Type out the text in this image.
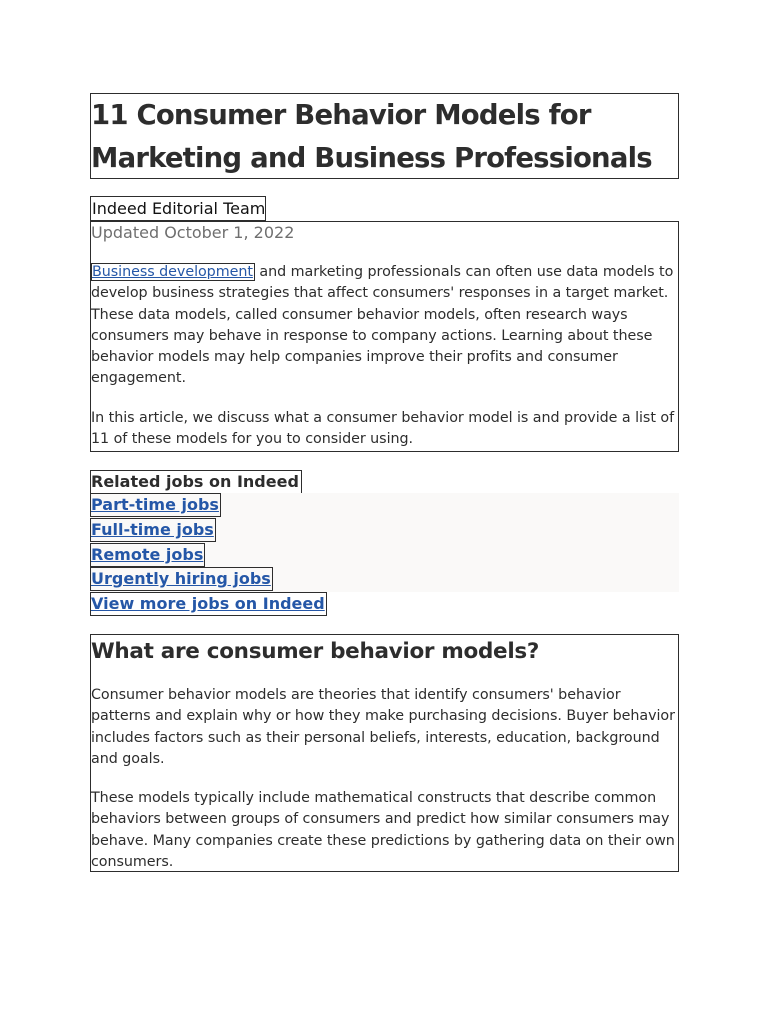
11 Consumer Behavior Models for Marketing and Business Professionals
Indeed Editorial Team
Updated October 1, 2022

Business development and marketing professionals can often use data models to develop business strategies that affect consumers' responses in a target market. These data models, called consumer behavior models, often research ways consumers may behave in response to company actions. Learning about these behavior models may help companies improve their profits and consumer engagement.

In this article, we discuss what a consumer behavior model is and provide a list of 11 of these models for you to consider using.

Related jobs on Indeed
Part-time jobs
Full-time jobs
Remote jobs
Urgently hiring jobs
View more jobs on Indeed
What are consumer behavior models?

Consumer behavior models are theories that identify consumers' behavior patterns and explain why or how they make purchasing decisions. Buyer behavior includes factors such as their personal beliefs, interests, education, background and goals.

These models typically include mathematical constructs that describe common behaviors between groups of consumers and predict how similar consumers may behave. Many companies create these predictions by gathering data on their own consumers.
